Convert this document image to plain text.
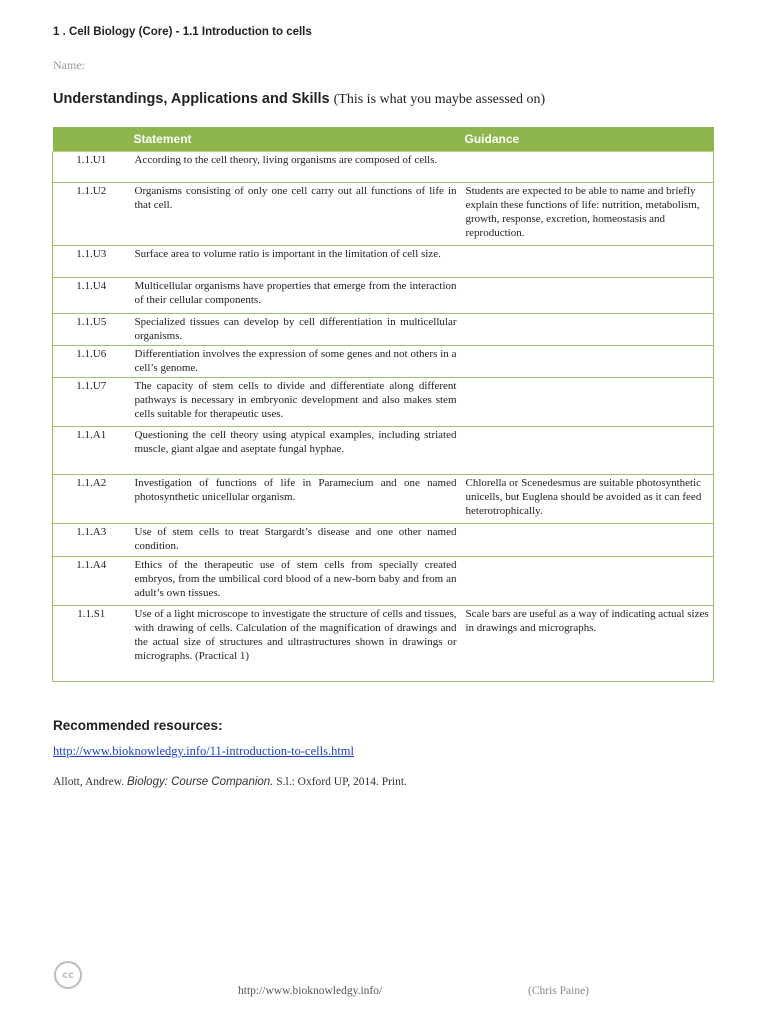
1 . Cell Biology (Core) - 1.1 Introduction to cells
Name:
Understandings, Applications and Skills (This is what you maybe assessed on)
	Statement	Guidance
1.1.U1	According to the cell theory, living organisms are composed of cells.	
1.1.U2	Organisms consisting of only one cell carry out all functions of life in that cell.	Students are expected to be able to name and briefly explain these functions of life: nutrition, metabolism, growth, response, excretion, homeostasis and reproduction.
1.1.U3	Surface area to volume ratio is important in the limitation of cell size.	
1.1.U4	Multicellular organisms have properties that emerge from the interaction of their cellular components.	
1.1.U5	Specialized tissues can develop by cell differentiation in multicellular organisms.	
1.1.U6	Differentiation involves the expression of some genes and not others in a cell’s genome.	
1.1.U7	The capacity of stem cells to divide and differentiate along different pathways is necessary in embryonic development and also makes stem cells suitable for therapeutic uses.	
1.1.A1	Questioning the cell theory using atypical examples, including striated muscle, giant algae and aseptate fungal hyphae.	
1.1.A2	Investigation of functions of life in Paramecium and one named photosynthetic unicellular organism.	Chlorella or Scenedesmus are suitable photosynthetic unicells, but Euglena should be avoided as it can feed heterotrophically.
1.1.A3	Use of stem cells to treat Stargardt’s disease and one other named condition.	
1.1.A4	Ethics of the therapeutic use of stem cells from specially created embryos, from the umbilical cord blood of a new-born baby and from an adult’s own tissues.	
1.1.S1	Use of a light microscope to investigate the structure of cells and tissues, with drawing of cells. Calculation of the magnification of drawings and the actual size of structures and ultrastructures shown in drawings or micrographs. (Practical 1)	Scale bars are useful as a way of indicating actual sizes in drawings and micrographs.
Recommended resources:
http://www.bioknowledgy.info/11-introduction-to-cells.html
Allott, Andrew. Biology: Course Companion. S.l.: Oxford UP, 2014. Print.
cc
http://www.bioknowledgy.info/	(Chris Paine)
